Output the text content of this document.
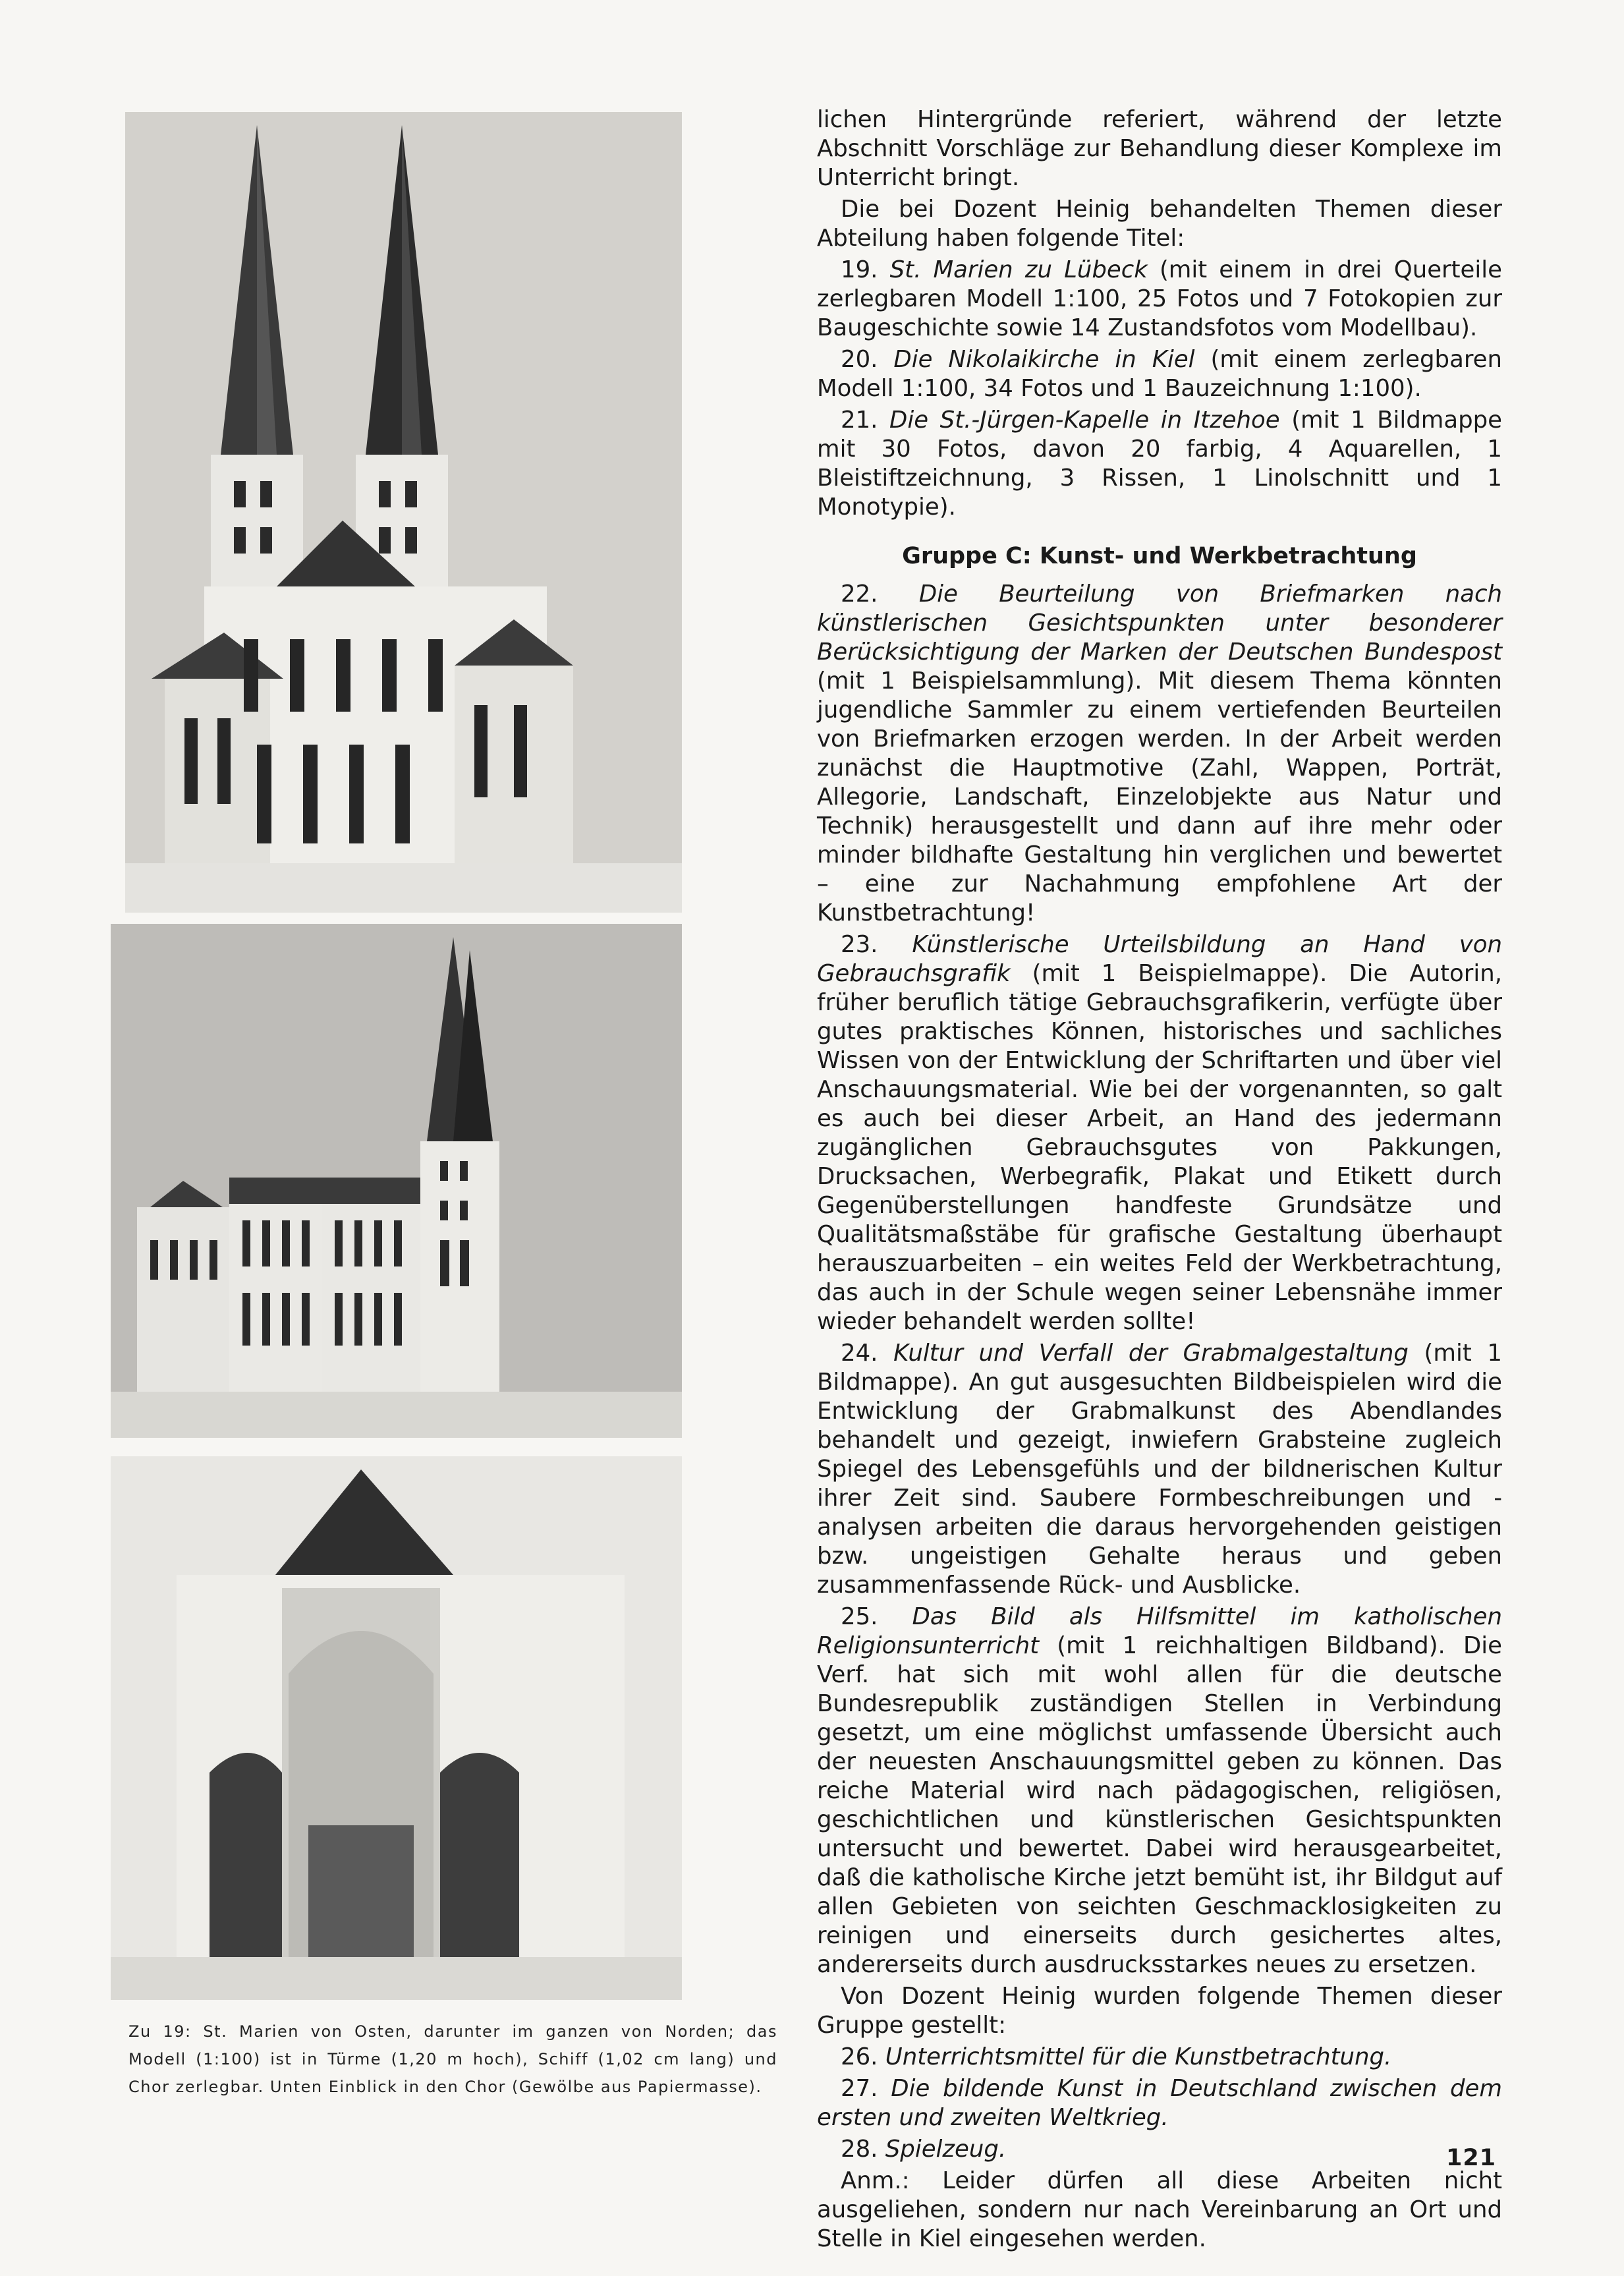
Zu 19: St. Marien von Osten, darunter im ganzen von Norden; das Modell (1:100) ist in Türme (1,20 m hoch), Schiff (1,02 cm lang) und Chor zerlegbar. Unten Einblick in den Chor (Gewölbe aus Papiermasse).

lichen Hintergründe referiert, während der letzte Abschnitt Vorschläge zur Behandlung dieser Komplexe im Unterricht bringt.

Die bei Dozent Heinig behandelten Themen dieser Abteilung haben folgende Titel:

19. St. Marien zu Lübeck (mit einem in drei Querteile zerlegbaren Modell 1:100, 25 Fotos und 7 Fotokopien zur Baugeschichte sowie 14 Zustandsfotos vom Modellbau).

20. Die Nikolaikirche in Kiel (mit einem zerlegbaren Modell 1:100, 34 Fotos und 1 Bauzeichnung 1:100).

21. Die St.-Jürgen-Kapelle in Itzehoe (mit 1 Bildmappe mit 30 Fotos, davon 20 farbig, 4 Aquarellen, 1 Bleistiftzeichnung, 3 Rissen, 1 Linolschnitt und 1 Monotypie).

Gruppe C: Kunst- und Werkbetrachtung

22. Die Beurteilung von Briefmarken nach künstlerischen Gesichtspunkten unter besonderer Berücksichtigung der Marken der Deutschen Bundespost (mit 1 Beispielsammlung). Mit diesem Thema könnten jugendliche Sammler zu einem vertiefenden Beurteilen von Briefmarken erzogen werden. In der Arbeit werden zunächst die Hauptmotive (Zahl, Wappen, Porträt, Allegorie, Landschaft, Einzelobjekte aus Natur und Technik) herausgestellt und dann auf ihre mehr oder minder bildhafte Gestaltung hin verglichen und bewertet – eine zur Nachahmung empfohlene Art der Kunstbetrachtung!

23. Künstlerische Urteilsbildung an Hand von Gebrauchsgrafik (mit 1 Beispielmappe). Die Autorin, früher beruflich tätige Gebrauchsgrafikerin, verfügte über gutes praktisches Können, historisches und sachliches Wissen von der Entwicklung der Schriftarten und über viel Anschauungsmaterial. Wie bei der vorgenannten, so galt es auch bei dieser Arbeit, an Hand des jedermann zugänglichen Gebrauchsgutes von Pakkungen, Drucksachen, Werbegrafik, Plakat und Etikett durch Gegenüberstellungen handfeste Grundsätze und Qualitätsmaßstäbe für grafische Gestaltung überhaupt herauszuarbeiten – ein weites Feld der Werkbetrachtung, das auch in der Schule wegen seiner Lebensnähe immer wieder behandelt werden sollte!

24. Kultur und Verfall der Grabmalgestaltung (mit 1 Bildmappe). An gut ausgesuchten Bildbeispielen wird die Entwicklung der Grabmalkunst des Abendlandes behandelt und gezeigt, inwiefern Grabsteine zugleich Spiegel des Lebensgefühls und der bildnerischen Kultur ihrer Zeit sind. Saubere Formbeschreibungen und -analysen arbeiten die daraus hervorgehenden geistigen bzw. ungeistigen Gehalte heraus und geben zusammenfassende Rück- und Ausblicke.

25. Das Bild als Hilfsmittel im katholischen Religionsunterricht (mit 1 reichhaltigen Bildband). Die Verf. hat sich mit wohl allen für die deutsche Bundesrepublik zuständigen Stellen in Verbindung gesetzt, um eine möglichst umfassende Übersicht auch der neuesten Anschauungsmittel geben zu können. Das reiche Material wird nach pädagogischen, religiösen, geschichtlichen und künstlerischen Gesichtspunkten untersucht und bewertet. Dabei wird herausgearbeitet, daß die katholische Kirche jetzt bemüht ist, ihr Bildgut auf allen Gebieten von seichten Geschmacklosigkeiten zu reinigen und einerseits durch gesichertes altes, andererseits durch ausdrucksstarkes neues zu ersetzen.

Von Dozent Heinig wurden folgende Themen dieser Gruppe gestellt:

26. Unterrichtsmittel für die Kunstbetrachtung.

27. Die bildende Kunst in Deutschland zwischen dem ersten und zweiten Weltkrieg.

28. Spielzeug.

Anm.: Leider dürfen all diese Arbeiten nicht ausgeliehen, sondern nur nach Vereinbarung an Ort und Stelle in Kiel eingesehen werden.

121
